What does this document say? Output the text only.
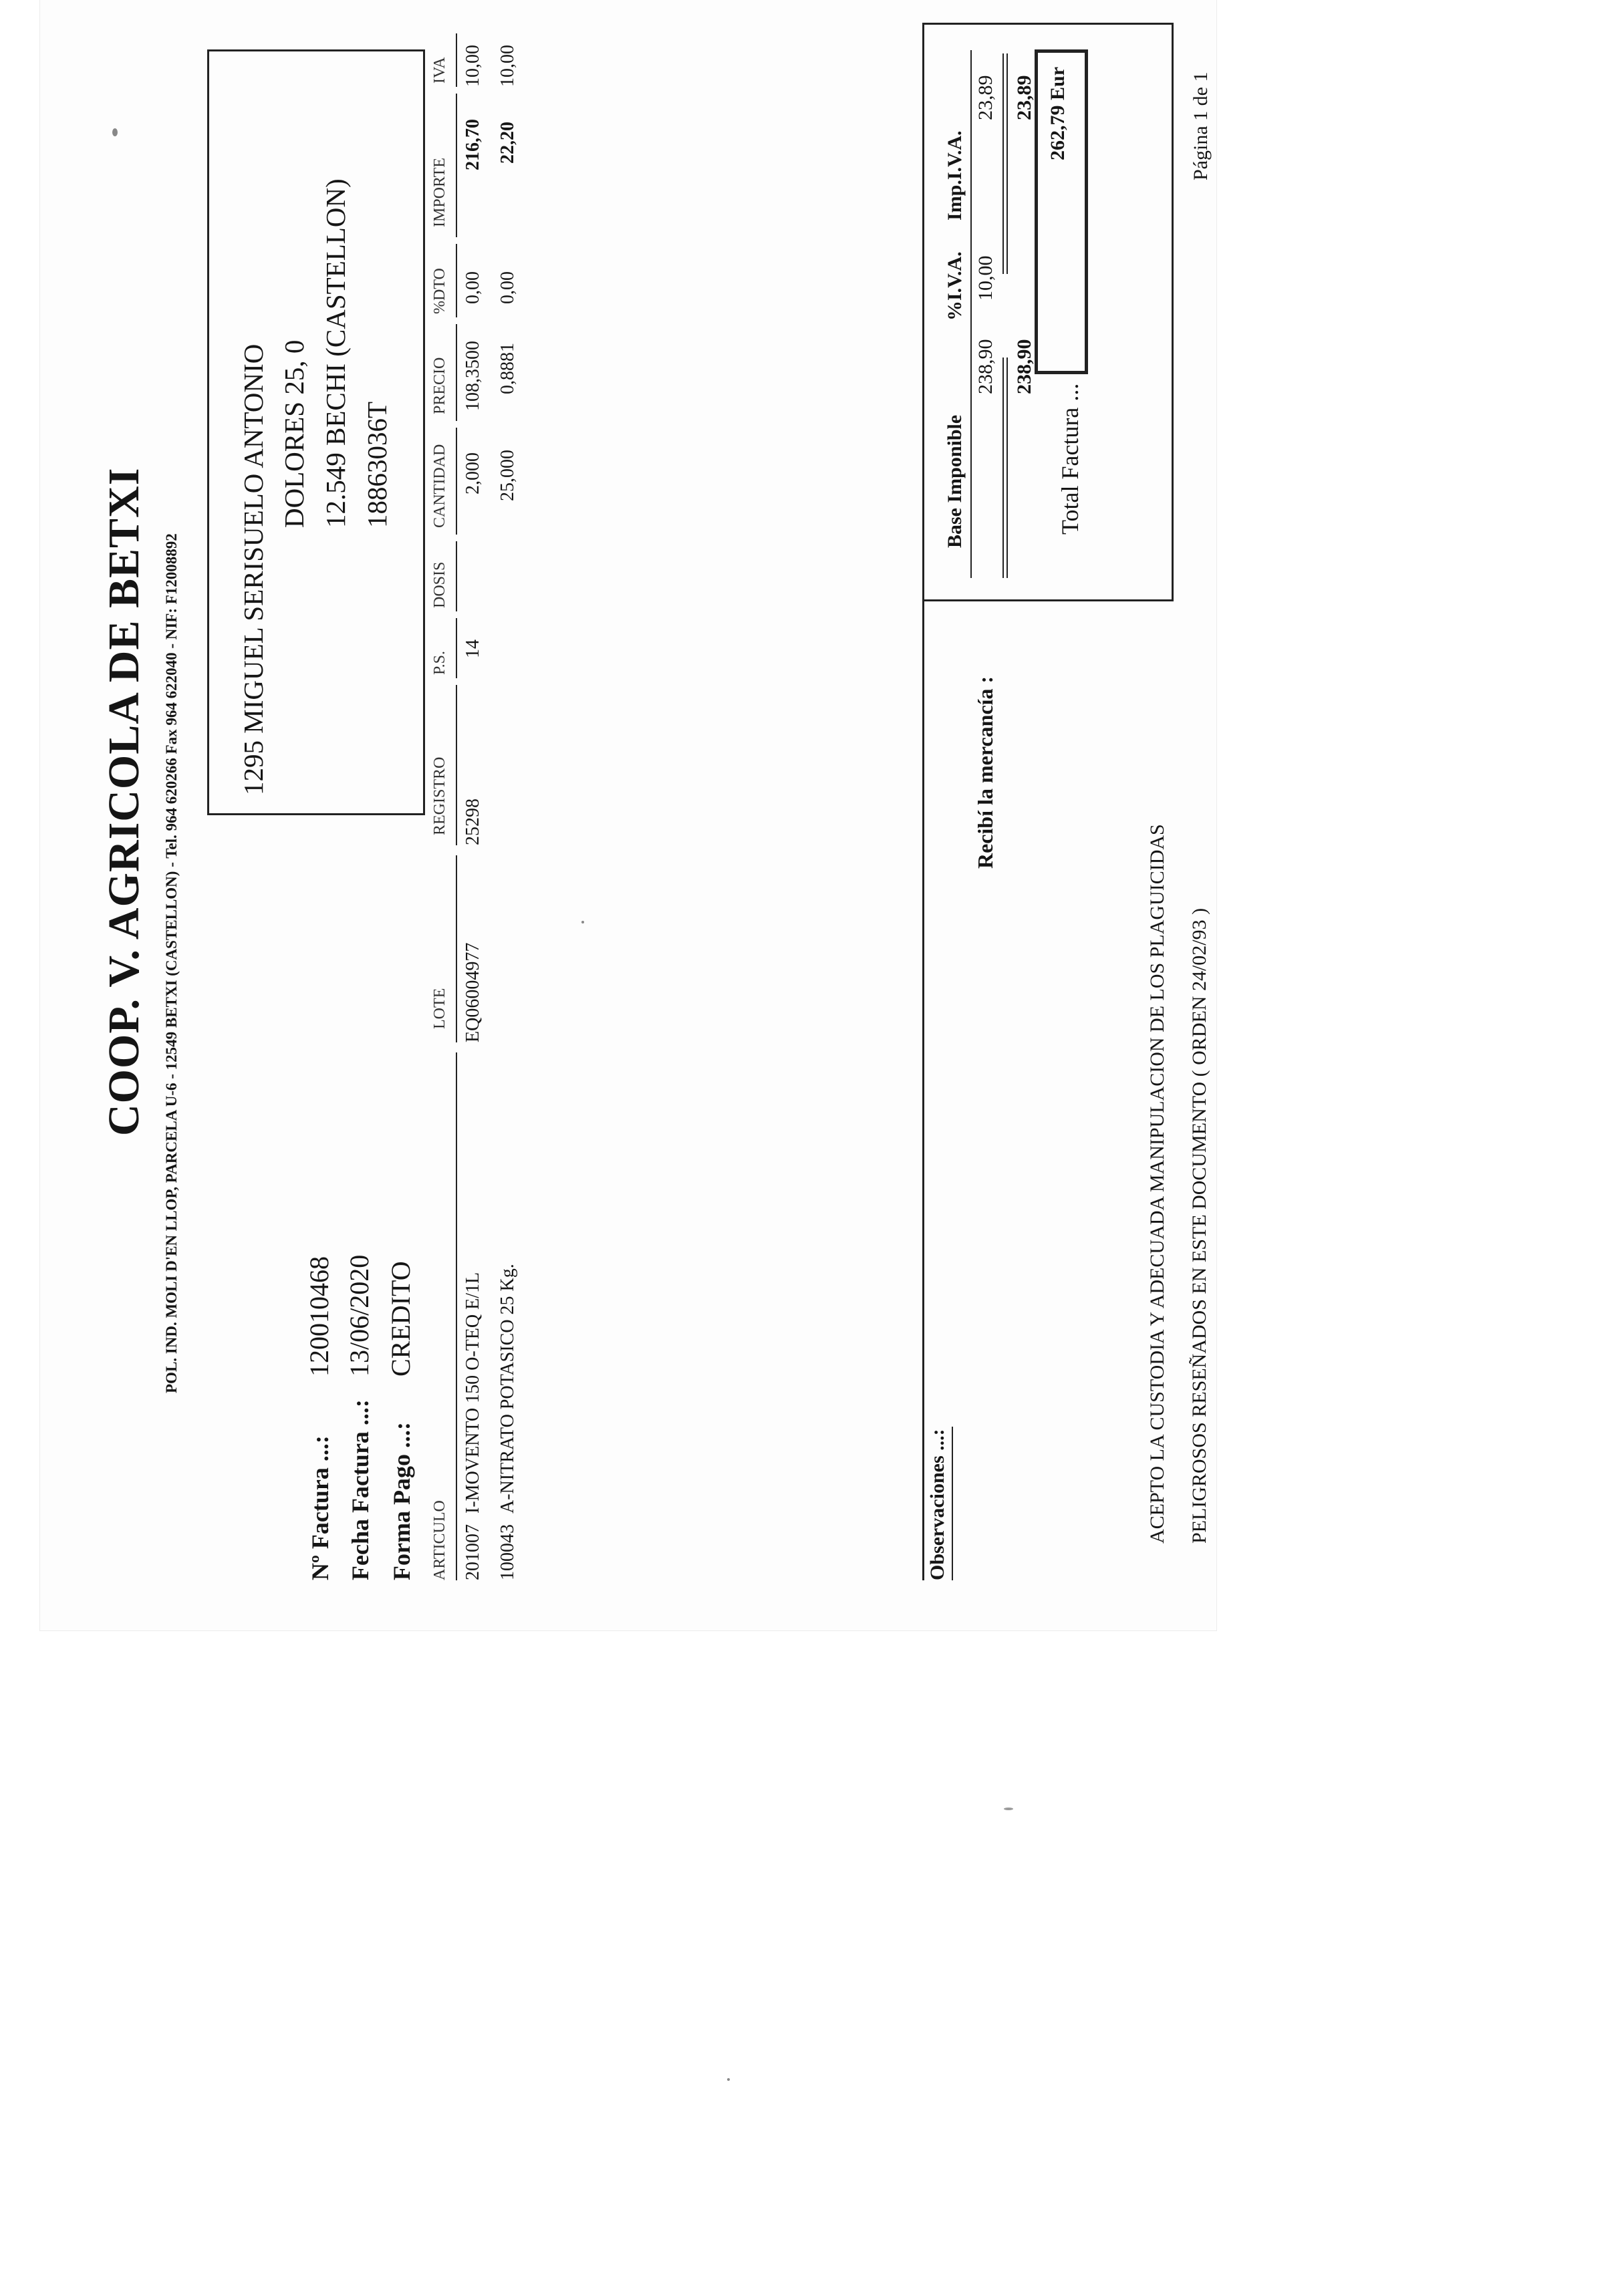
COOP. V. AGRICOLA DE BETXI POL. IND. MOLI D'EN LLOP, PARCELA U-6 - 12549 BETXI (CASTELLON) - Tel. 964 620266 Fax 964 622040 - NIF: F12008892 1295 MIGUEL SERISUELO ANTONIO DOLORES 25, 0 12.549 BECHI (CASTELLON) 18863036T
Nº Factura ...:
120010468
Fecha Factura ...:
13/06/2020
Forma Pago ...:
CREDITO
ARTICULO
LOTE
REGISTRO
P.S.
DOSIS
CANTIDAD
PRECIO
%DTO
IMPORTE
IVA
201007
I-MOVENTO 150 O-TEQ E/1L
EQ06004977
25298
14
2,000
108,3500
0,00
216,70
10,00
100043
A-NITRATO POTASICO 25 Kg.
25,000
0,8881
0,00
22,20
10,00
Observaciones ...:
Recibí la mercancía :
Base Imponible
%I.V.A.
Imp.I.V.A.
238,90
10,00
23,89
238,90
23,89
Total Factura ...
262,79 Eur
ACEPTO LA CUSTODIA Y ADECUADA MANIPULACION DE LOS PLAGUICIDAS PELIGROSOS RESEÑADOS EN ESTE DOCUMENTO ( ORDEN 24/02/93 )
Página 1 de 1
